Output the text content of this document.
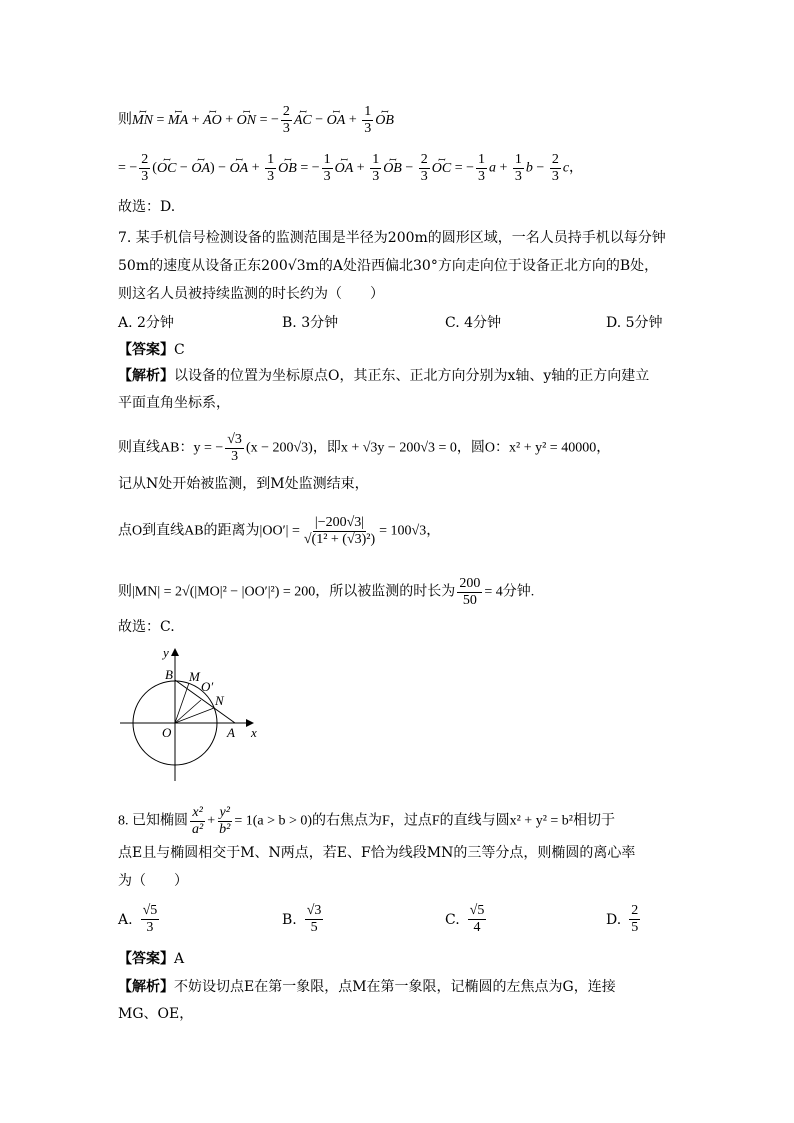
则ꟷ MN = ꟷ MA + ꟷ AO + ꟷ ON = − $\frac{2}{3}$ ꟷ AC − ꟷ OA + $\frac{1}{3}$ ꟷ OB
= − $\frac{2}{3}$ (ꟷ OC − ꟷ OA) − ꟷ OA + $\frac{1}{3}$ ꟷ OB = − $\frac{1}{3}$ ꟷ OA + $\frac{1}{3}$ ꟷ OB − $\frac{2}{3}$ ꟷ OC = − $\frac{1}{3}$ $a + \frac{1}{3}$ $b - \frac{2}{3}$ c，
故选：D.
7. 某手机信号检测设备的监测范围是半径为200m的圆形区域，一名人员持手机以每分钟
50m的速度从设备正东200√3m的A处沿西偏北30°方向走向位于设备正北方向的B处，
则这名人员被持续监测的时长约为（　　）
A. 2分钟	B. 3分钟	C. 4分钟	D. 5分钟
【答案】C
【解析】以设备的位置为坐标原点O，其正东、正北方向分别为x轴、y轴的正方向建立
平面直角坐标系，
则直线AB：y = − $\frac{√3}{3} (x - 200√3)$，即x + √3y − 200√3 = 0，圆O：x² + y² = 40000，
记从N处开始被监测，到M处监测结束，
点O到直线AB的距离为$|OO'| = \frac{|-200√3|}{\text{√(1² + (√3)²)}} = 100√3$，
则|MN| = 2√(|MO|² − |OO′|²) = 200，所以被监测的时长为 $\frac{200}{50} = 4$分钟.
故选：C.
y
x
O	A
B M
O′
N
8. 已知椭圆 $\frac{\text{x²}}{\text{a²}} + \frac{\text{y²}}{\text{b²}} = 1(a > b > 0)$的右焦点为F，过点F的直线与圆x² + y² = b²相切于
点E且与椭圆相交于M、N两点，若E、F恰为线段MN的三等分点，则椭圆的离心率
为（　　）
A. $\frac{√5}{3}$	B. $\frac{√3}{5}$	C. $\frac{√5}{4}$	D. $\frac{2}{5}$
【答案】A
【解析】不妨设切点E在第一象限，点M在第一象限，记椭圆的左焦点为G，连接
MG、OE，
